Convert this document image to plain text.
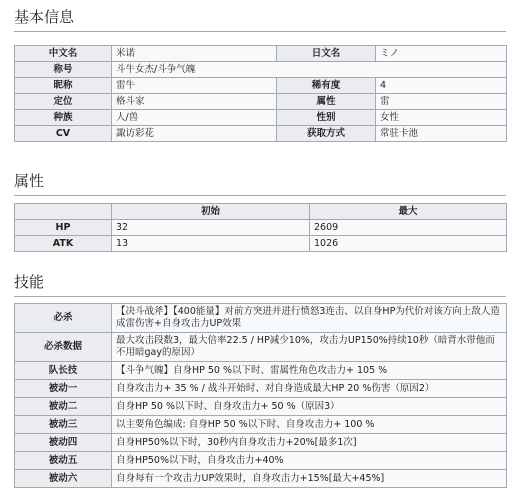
基本信息
中文名	米诺	日文名	ミノ
称号	斗牛女杰/斗争气魄		
昵称	雷牛	稀有度	4
定位	格斗家	属性	雷
种族	人/兽	性别	女性
CV	諏访彩花	获取方式	常驻卡池
属性
	初始	最大
HP	32	2609
ATK	13	1026
技能
必杀	【决斗战斧】【400能量】对前方突进并进行愤怒3连击、以自身HP为代价对该方向上敌人造成雷伤害+自身攻击力UP效果
必杀数据	最大攻击段数3，最大倍率22.5 / HP减少10%，攻击力UP150%持续10秒（暗背水带他而不用暗gay的原因）
队长技	【斗争气魄】自身HP 50 %以下时、雷属性角色攻击力+ 105 %
被动一	自身攻击力+ 35 % / 战斗开始时、对自身造成最大HP 20 %伤害（原因2）
被动二	自身HP 50 %以下时、自身攻击力+ 50 %（原因3）
被动三	以主要角色编成: 自身HP 50 %以下时、自身攻击力+ 100 %
被动四	自身HP50%以下时，30秒内自身攻击力+20%[最多1次]
被动五	自身HP50%以下时，自身攻击力+40%
被动六	自身每有一个攻击力UP效果时，自身攻击力+15%[最大+45%]
